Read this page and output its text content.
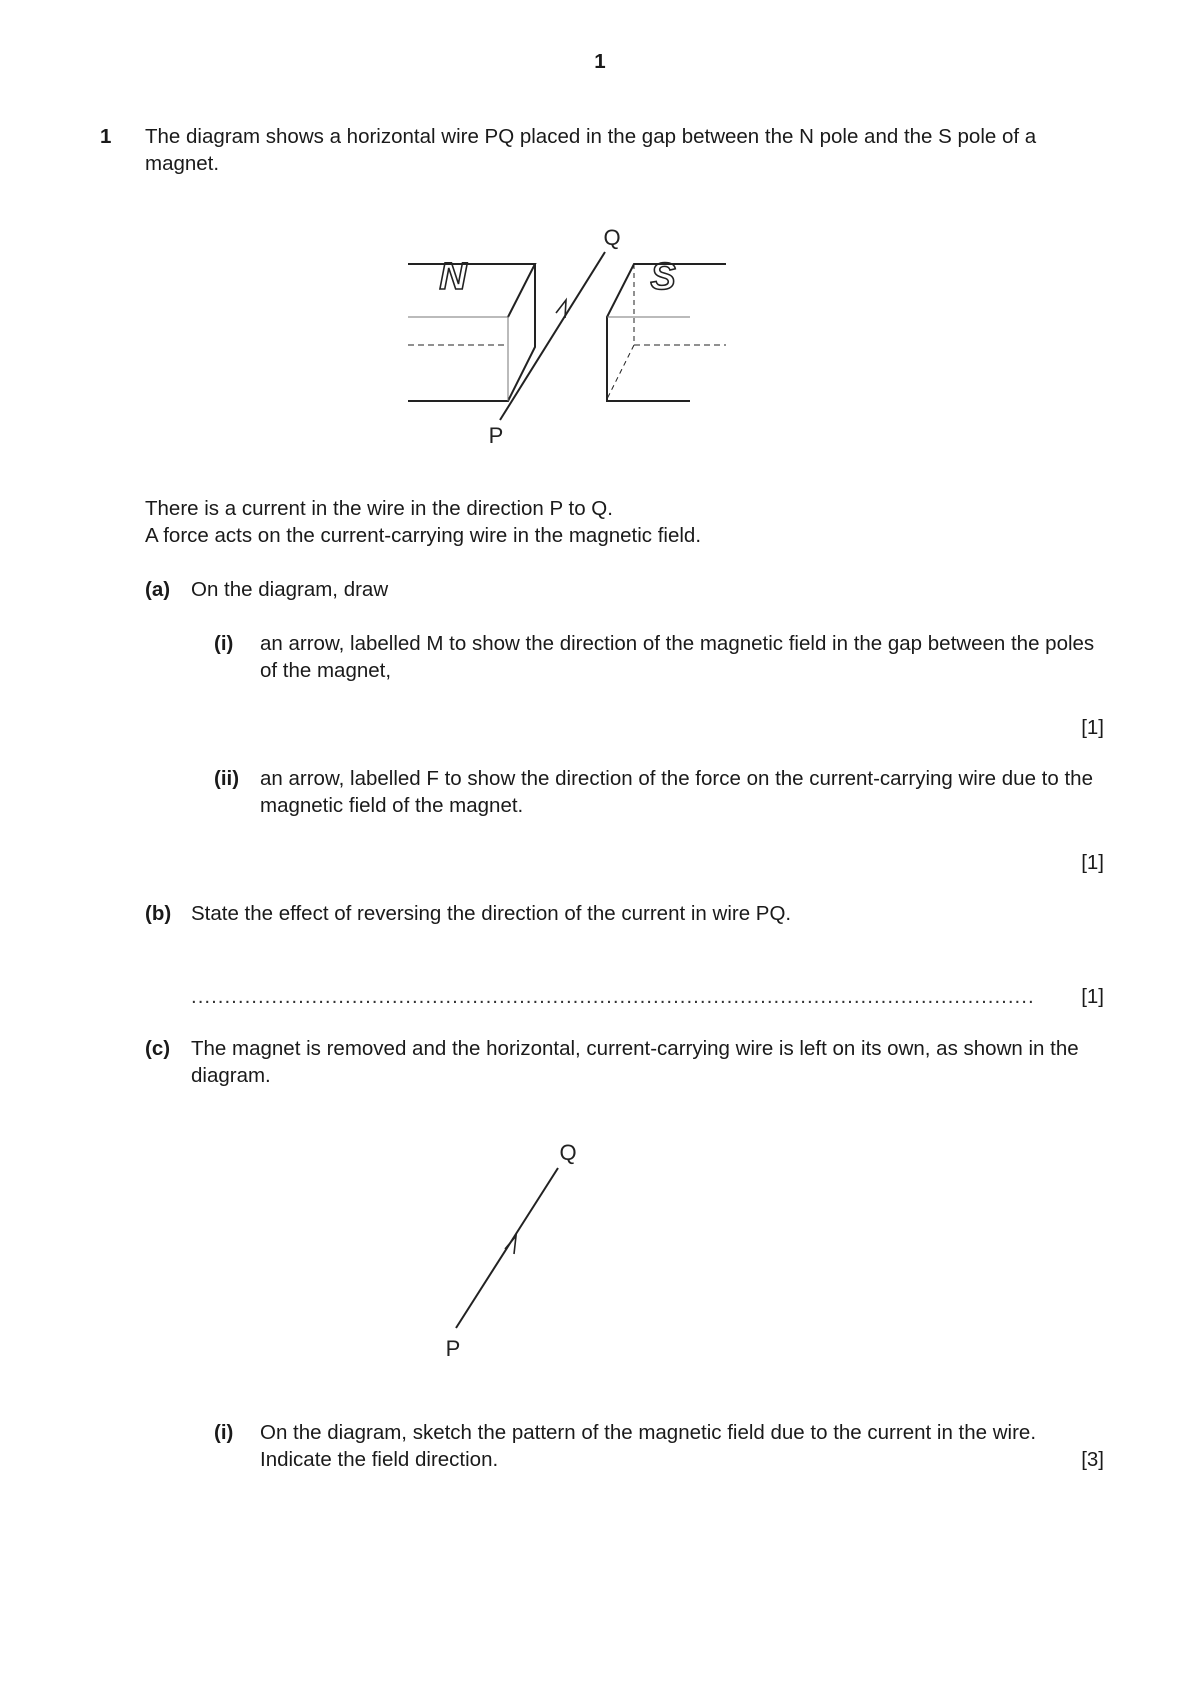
1
1 The diagram shows a horizontal wire PQ placed in the gap between the N pole and the S pole of a magnet.
N	S
Q
P
There is a current in the wire in the direction P to Q.
A force acts on the current-carrying wire in the magnetic field.
(a) On the diagram, draw
(i) an arrow, labelled M to show the direction of the magnetic field in the gap between the poles of the magnet,
[1]
(ii) an arrow, labelled F to show the direction of the force on the current-carrying wire due to the magnetic field of the magnet.
[1]
(b) State the effect of reversing the direction of the current in wire PQ.
..............................................................................................................................	[1]
(c) The magnet is removed and the horizontal, current-carrying wire is left on its own, as shown in the diagram.
Q
P
(i) On the diagram, sketch the pattern of the magnetic field due to the current in the wire.
Indicate the field direction.	[3]
